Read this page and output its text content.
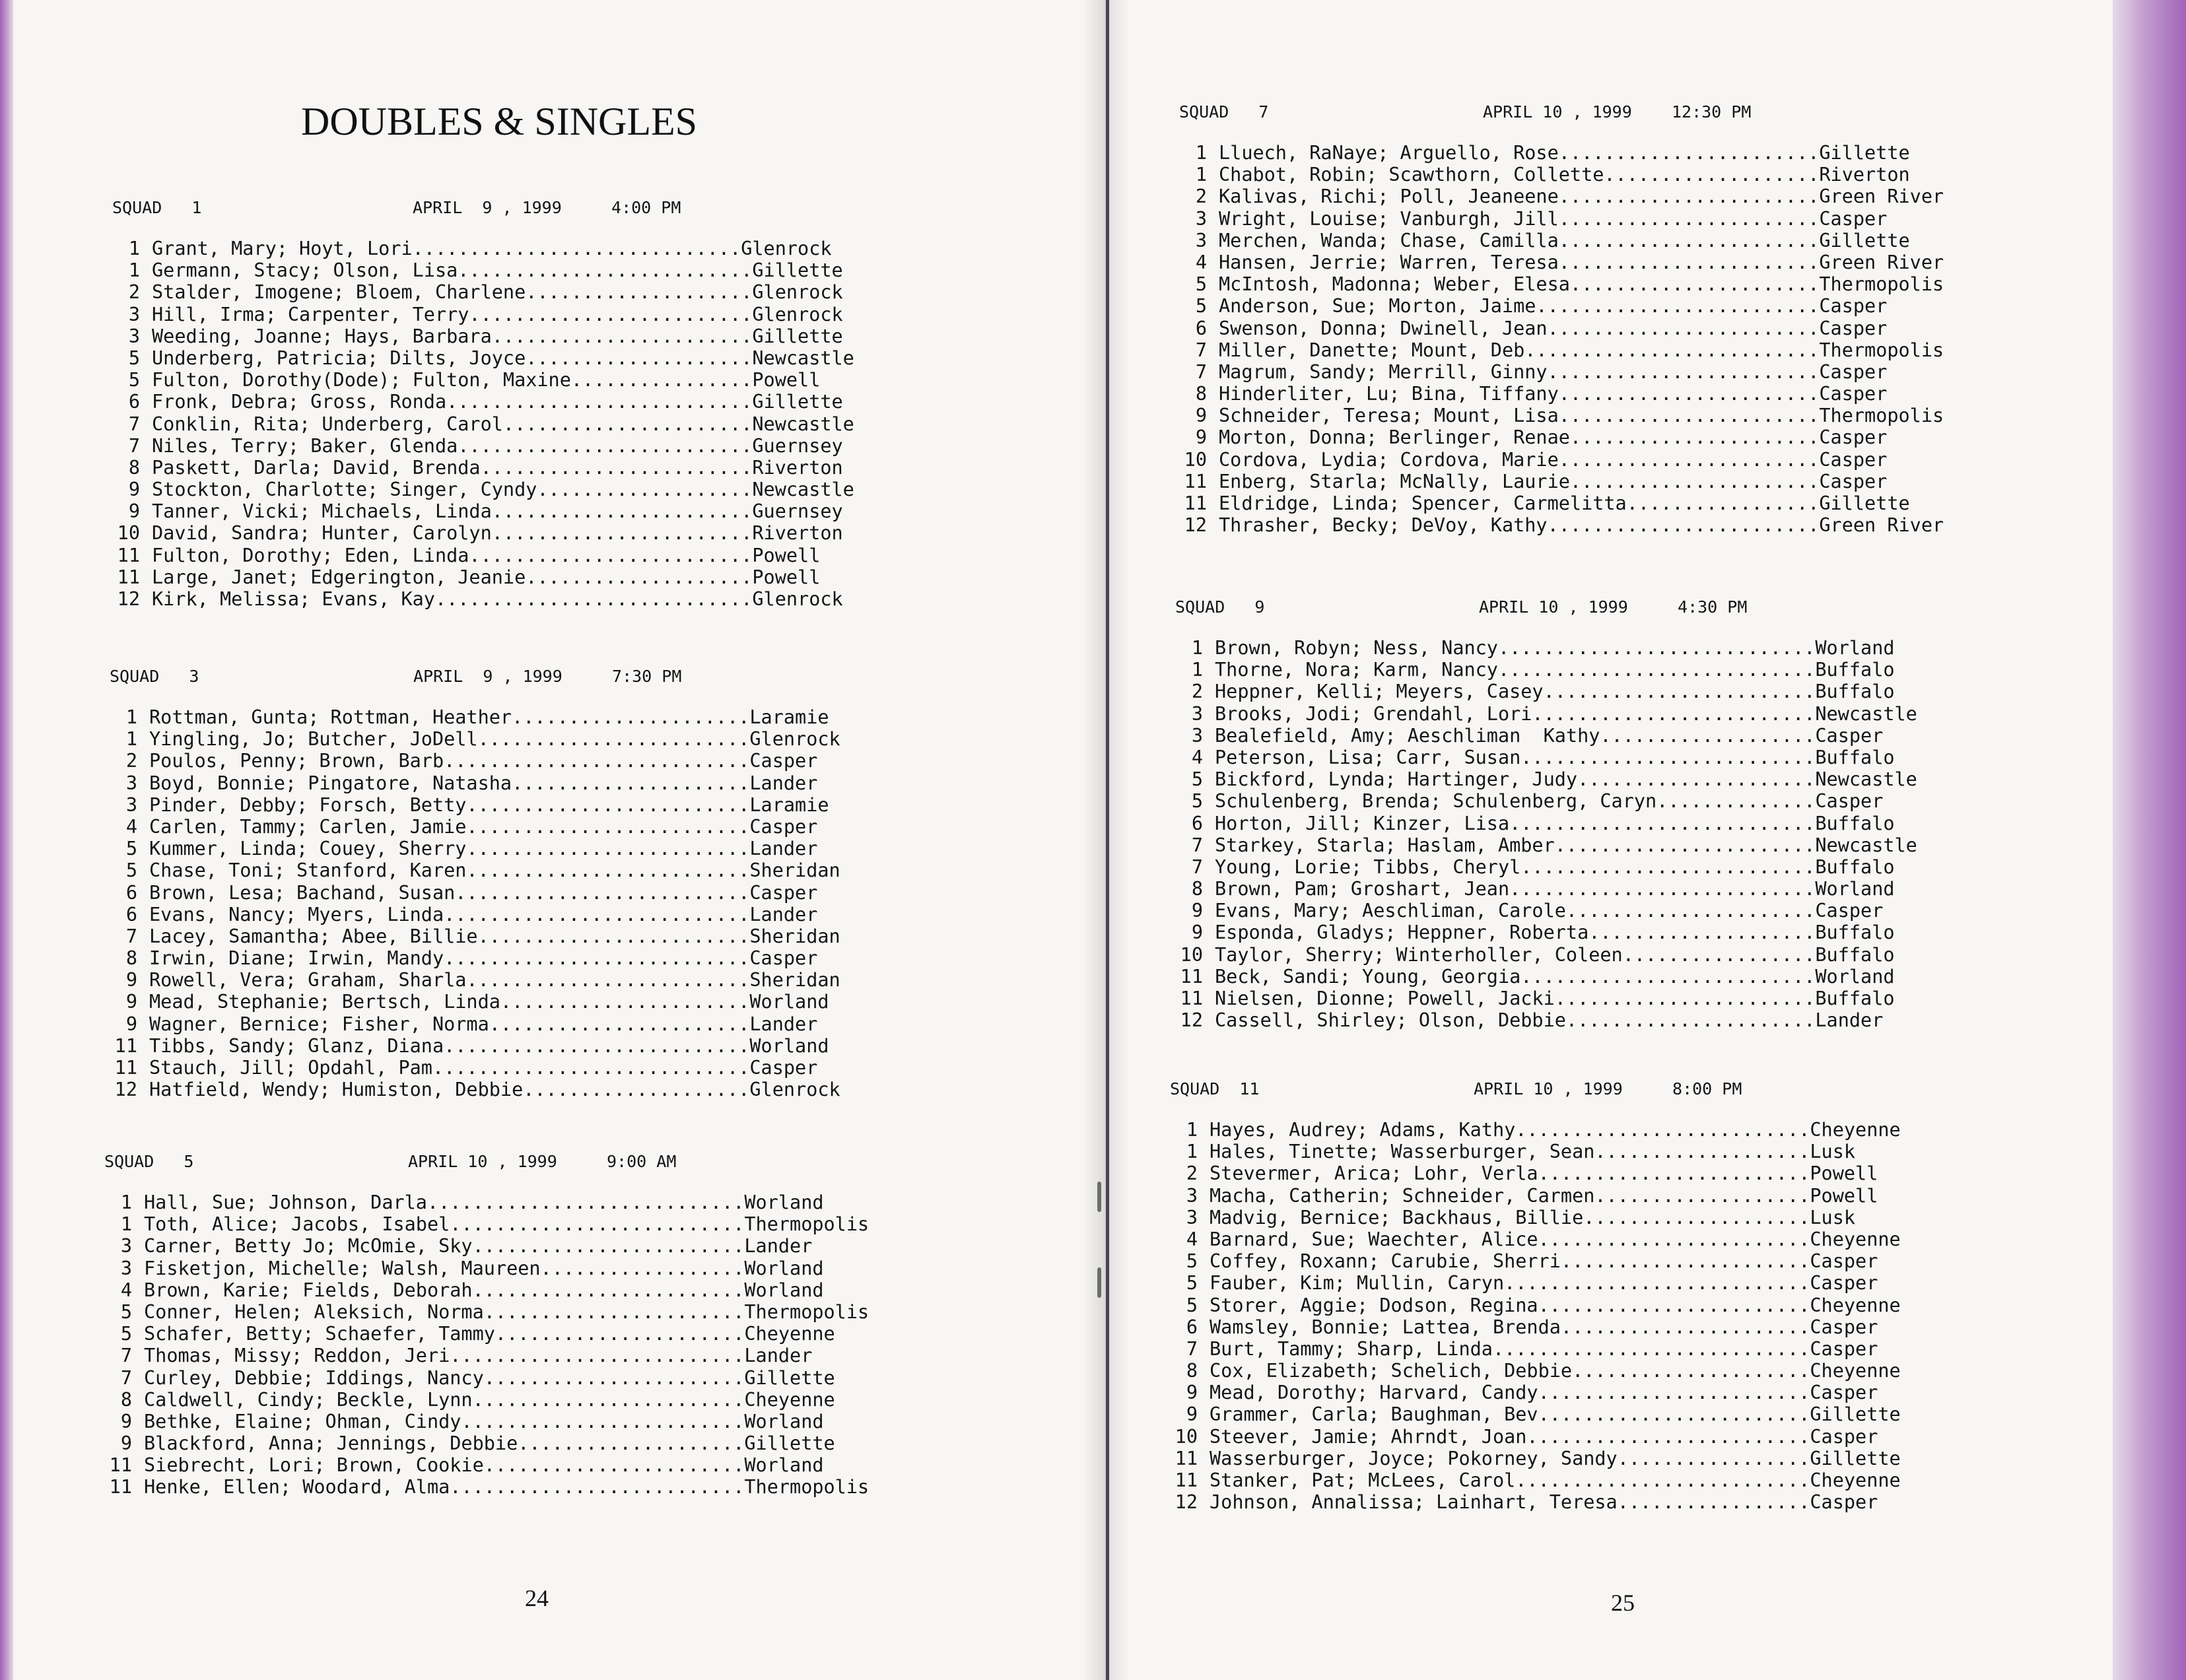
DOUBLES & SINGLES
SQUAD   1	APRIL  9 , 1999     4:00 PM
1 Grant, Mary; Hoyt, Lori.............................Glenrock
1 Germann, Stacy; Olson, Lisa..........................Gillette
2 Stalder, Imogene; Bloem, Charlene....................Glenrock
3 Hill, Irma; Carpenter, Terry.........................Glenrock
3 Weeding, Joanne; Hays, Barbara.......................Gillette
5 Underberg, Patricia; Dilts, Joyce....................Newcastle
5 Fulton, Dorothy(Dode); Fulton, Maxine................Powell
6 Fronk, Debra; Gross, Ronda...........................Gillette
7 Conklin, Rita; Underberg, Carol......................Newcastle
7 Niles, Terry; Baker, Glenda..........................Guernsey
8 Paskett, Darla; David, Brenda........................Riverton
9 Stockton, Charlotte; Singer, Cyndy...................Newcastle
9 Tanner, Vicki; Michaels, Linda.......................Guernsey
10 David, Sandra; Hunter, Carolyn.......................Riverton
11 Fulton, Dorothy; Eden, Linda.........................Powell
11 Large, Janet; Edgerington, Jeanie....................Powell
12 Kirk, Melissa; Evans, Kay............................Glenrock
SQUAD   3	APRIL  9 , 1999     7:30 PM
1 Rottman, Gunta; Rottman, Heather.....................Laramie
1 Yingling, Jo; Butcher, JoDell........................Glenrock
2 Poulos, Penny; Brown, Barb...........................Casper
3 Boyd, Bonnie; Pingatore, Natasha.....................Lander
3 Pinder, Debby; Forsch, Betty.........................Laramie
4 Carlen, Tammy; Carlen, Jamie.........................Casper
5 Kummer, Linda; Couey, Sherry.........................Lander
5 Chase, Toni; Stanford, Karen.........................Sheridan
6 Brown, Lesa; Bachand, Susan..........................Casper
6 Evans, Nancy; Myers, Linda...........................Lander
7 Lacey, Samantha; Abee, Billie........................Sheridan
8 Irwin, Diane; Irwin, Mandy...........................Casper
9 Rowell, Vera; Graham, Sharla.........................Sheridan
9 Mead, Stephanie; Bertsch, Linda......................Worland
9 Wagner, Bernice; Fisher, Norma.......................Lander
11 Tibbs, Sandy; Glanz, Diana...........................Worland
11 Stauch, Jill; Opdahl, Pam............................Casper
12 Hatfield, Wendy; Humiston, Debbie....................Glenrock
SQUAD   5	APRIL 10 , 1999     9:00 AM
1 Hall, Sue; Johnson, Darla............................Worland
1 Toth, Alice; Jacobs, Isabel..........................Thermopolis
3 Carner, Betty Jo; McOmie, Sky........................Lander
3 Fisketjon, Michelle; Walsh, Maureen..................Worland
4 Brown, Karie; Fields, Deborah........................Worland
5 Conner, Helen; Aleksich, Norma.......................Thermopolis
5 Schafer, Betty; Schaefer, Tammy......................Cheyenne
7 Thomas, Missy; Reddon, Jeri..........................Lander
7 Curley, Debbie; Iddings, Nancy.......................Gillette
8 Caldwell, Cindy; Beckle, Lynn........................Cheyenne
9 Bethke, Elaine; Ohman, Cindy.........................Worland
9 Blackford, Anna; Jennings, Debbie....................Gillette
11 Siebrecht, Lori; Brown, Cookie.......................Worland
11 Henke, Ellen; Woodard, Alma..........................Thermopolis
SQUAD   7	APRIL 10 , 1999    12:30 PM
1 Lluech, RaNaye; Arguello, Rose.......................Gillette
1 Chabot, Robin; Scawthorn, Collette...................Riverton
2 Kalivas, Richi; Poll, Jeaneene.......................Green River
3 Wright, Louise; Vanburgh, Jill.......................Casper
3 Merchen, Wanda; Chase, Camilla.......................Gillette
4 Hansen, Jerrie; Warren, Teresa.......................Green River
5 McIntosh, Madonna; Weber, Elesa......................Thermopolis
5 Anderson, Sue; Morton, Jaime.........................Casper
6 Swenson, Donna; Dwinell, Jean........................Casper
7 Miller, Danette; Mount, Deb..........................Thermopolis
7 Magrum, Sandy; Merrill, Ginny........................Casper
8 Hinderliter, Lu; Bina, Tiffany.......................Casper
9 Schneider, Teresa; Mount, Lisa.......................Thermopolis
9 Morton, Donna; Berlinger, Renae......................Casper
10 Cordova, Lydia; Cordova, Marie.......................Casper
11 Enberg, Starla; McNally, Laurie......................Casper
11 Eldridge, Linda; Spencer, Carmelitta.................Gillette
12 Thrasher, Becky; DeVoy, Kathy........................Green River
SQUAD   9	APRIL 10 , 1999     4:30 PM
1 Brown, Robyn; Ness, Nancy............................Worland
1 Thorne, Nora; Karm, Nancy............................Buffalo
2 Heppner, Kelli; Meyers, Casey........................Buffalo
3 Brooks, Jodi; Grendahl, Lori.........................Newcastle
3 Bealefield, Amy; Aeschliman  Kathy...................Casper
4 Peterson, Lisa; Carr, Susan..........................Buffalo
5 Bickford, Lynda; Hartinger, Judy.....................Newcastle
5 Schulenberg, Brenda; Schulenberg, Caryn..............Casper
6 Horton, Jill; Kinzer, Lisa...........................Buffalo
7 Starkey, Starla; Haslam, Amber.......................Newcastle
7 Young, Lorie; Tibbs, Cheryl..........................Buffalo
8 Brown, Pam; Groshart, Jean...........................Worland
9 Evans, Mary; Aeschliman, Carole......................Casper
9 Esponda, Gladys; Heppner, Roberta....................Buffalo
10 Taylor, Sherry; Winterholler, Coleen.................Buffalo
11 Beck, Sandi; Young, Georgia..........................Worland
11 Nielsen, Dionne; Powell, Jacki.......................Buffalo
12 Cassell, Shirley; Olson, Debbie......................Lander
SQUAD  11	APRIL 10 , 1999     8:00 PM
1 Hayes, Audrey; Adams, Kathy..........................Cheyenne
1 Hales, Tinette; Wasserburger, Sean...................Lusk
2 Stevermer, Arica; Lohr, Verla........................Powell
3 Macha, Catherin; Schneider, Carmen...................Powell
3 Madvig, Bernice; Backhaus, Billie....................Lusk
4 Barnard, Sue; Waechter, Alice........................Cheyenne
5 Coffey, Roxann; Carubie, Sherri......................Casper
5 Fauber, Kim; Mullin, Caryn...........................Casper
5 Storer, Aggie; Dodson, Regina........................Cheyenne
6 Wamsley, Bonnie; Lattea, Brenda......................Casper
7 Burt, Tammy; Sharp, Linda............................Casper
8 Cox, Elizabeth; Schelich, Debbie.....................Cheyenne
9 Mead, Dorothy; Harvard, Candy........................Casper
9 Grammer, Carla; Baughman, Bev........................Gillette
10 Steever, Jamie; Ahrndt, Joan.........................Casper
11 Wasserburger, Joyce; Pokorney, Sandy.................Gillette
11 Stanker, Pat; McLees, Carol..........................Cheyenne
12 Johnson, Annalissa; Lainhart, Teresa.................Casper
24	25
